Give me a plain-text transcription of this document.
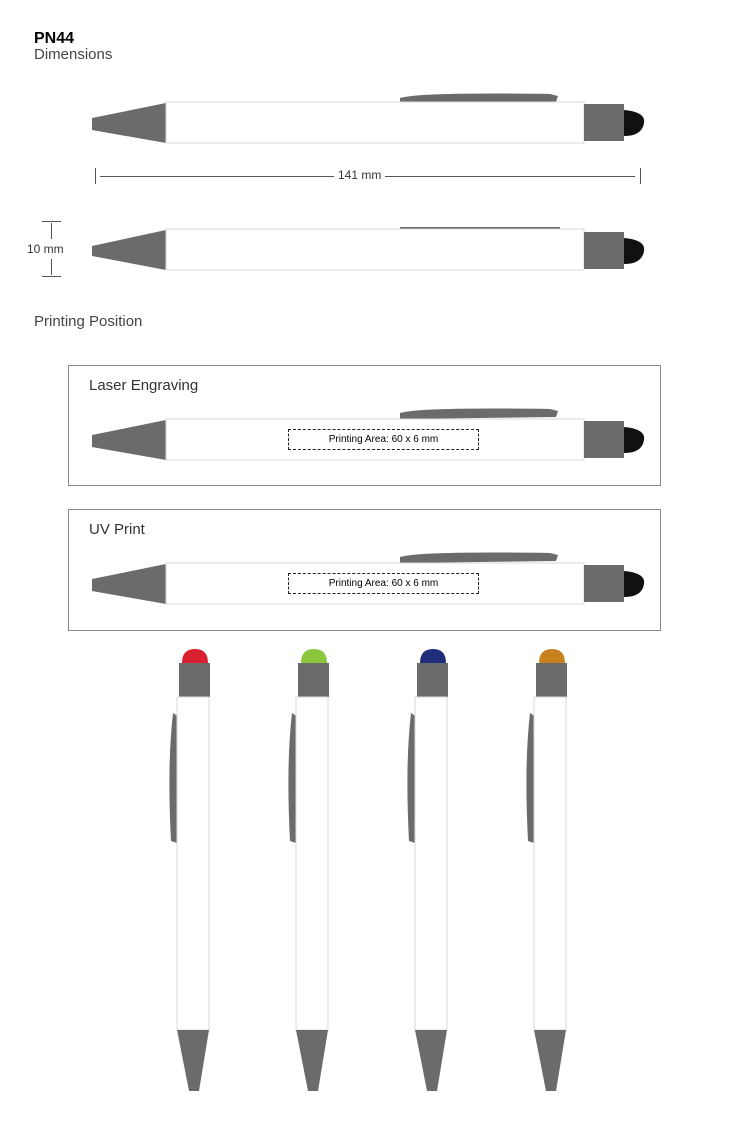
PN44
Dimensions
141 mm
10 mm
Printing Position
Laser Engraving
Printing Area: 60 x 6 mm
UV Print
Printing Area: 60 x 6 mm
